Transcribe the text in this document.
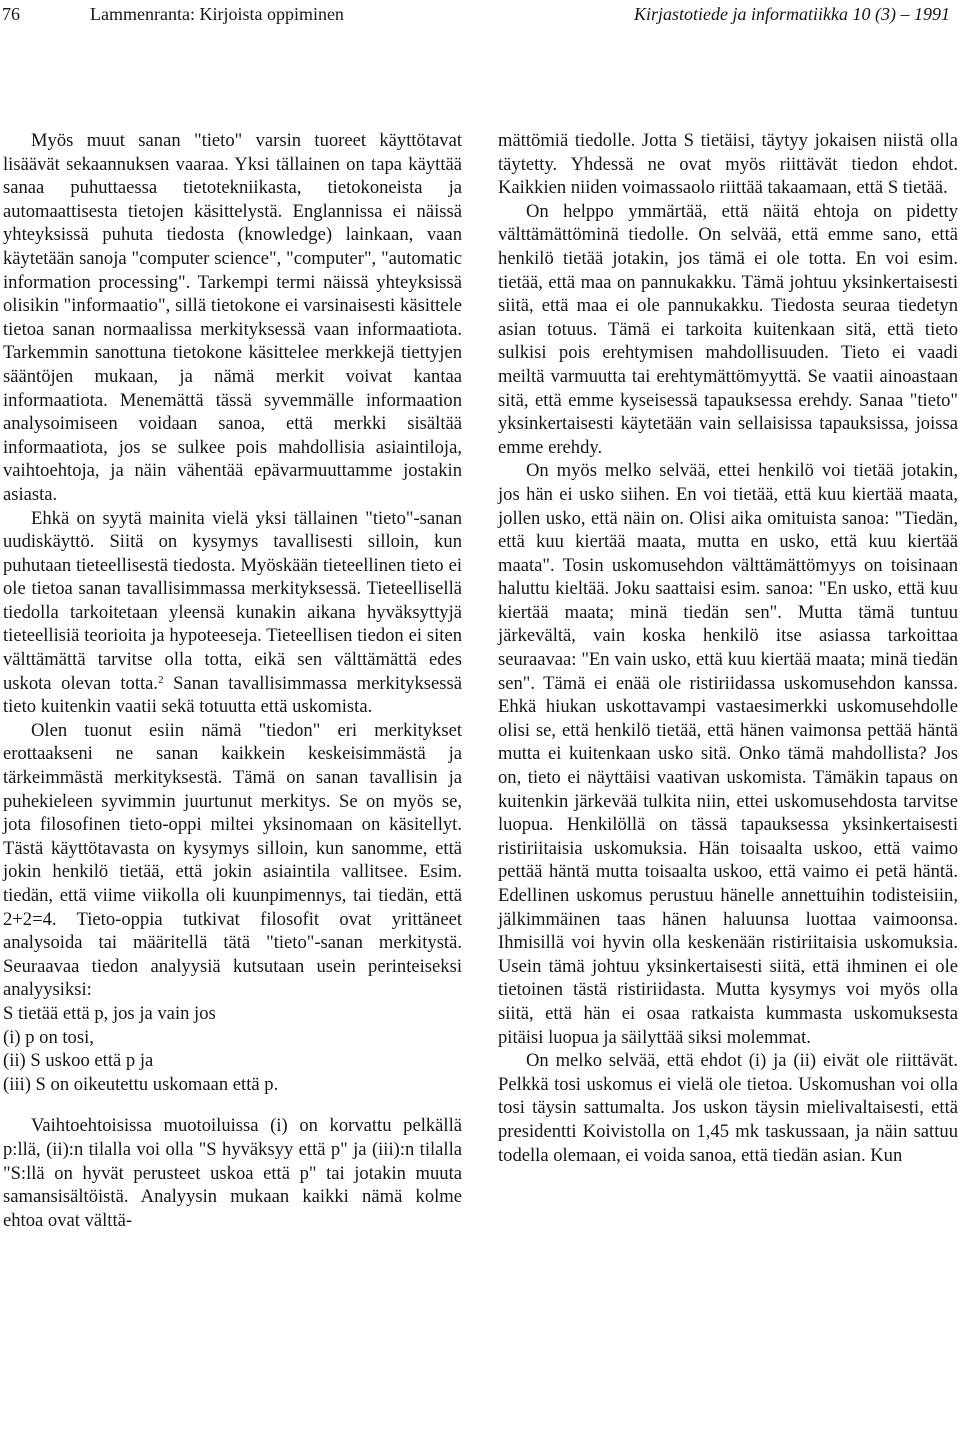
76	Lammenranta: Kirjoista oppiminen	Kirjastotiede ja informatiikka 10 (3) – 1991

Myös muut sanan "tieto" varsin tuoreet käyttötavat lisäävät sekaannuksen vaaraa. Yksi tällainen on tapa käyttää sanaa puhuttaessa tietotekniikasta, tietokoneista ja automaattisesta tietojen käsittelystä. Englannissa ei näissä yhteyksissä puhuta tiedosta (knowledge) lainkaan, vaan käytetään sanoja "computer science", "computer", "automatic information processing". Tarkempi termi näissä yhteyksissä olisikin "informaatio", sillä tietokone ei varsinaisesti käsittele tietoa sanan normaalissa merkityksessä vaan informaatiota. Tarkemmin sanottuna tietokone käsittelee merkkejä tiettyjen sääntöjen mukaan, ja nämä merkit voivat kantaa informaatiota. Menemättä tässä syvemmälle informaation analysoimiseen voidaan sanoa, että merkki sisältää informaatiota, jos se sulkee pois mahdollisia asiaintiloja, vaihtoehtoja, ja näin vähentää epävarmuuttamme jostakin asiasta.

Ehkä on syytä mainita vielä yksi tällainen "tieto"-sanan uudiskäyttö. Siitä on kysymys tavallisesti silloin, kun puhutaan tieteellisestä tiedosta. Myöskään tieteellinen tieto ei ole tietoa sanan tavallisimmassa merkityksessä. Tieteellisellä tiedolla tarkoitetaan yleensä kunakin aikana hyväksyttyjä tieteellisiä teorioita ja hypoteeseja. Tieteellisen tiedon ei siten välttämättä tarvitse olla totta, eikä sen välttämättä edes uskota olevan totta.$^2$ Sanan tavallisimmassa merkityksessä tieto kuitenkin vaatii sekä totuutta että uskomista.

Olen tuonut esiin nämä "tiedon" eri merkitykset erottaakseni ne sanan kaikkein keskeisimmästä ja tärkeimmästä merkityksestä. Tämä on sanan tavallisin ja puhekieleen syvimmin juurtunut merkitys. Se on myös se, jota filosofinen tieto-oppi miltei yksinomaan on käsitellyt. Tästä käyttötavasta on kysymys silloin, kun sanomme, että jokin henkilö tietää, että jokin asiaintila vallitsee. Esim. tiedän, että viime viikolla oli kuunpimennys, tai tiedän, että 2+2=4. Tieto-oppia tutkivat filosofit ovat yrittäneet analysoida tai määritellä tätä "tieto"-sanan merkitystä. Seuraavaa tiedon analyysiä kutsutaan usein perinteiseksi analyysiksi:

S tietää että p, jos ja vain jos
(i) p on tosi,
(ii) S uskoo että p ja
(iii) S on oikeutettu uskomaan että p.

Vaihtoehtoisissa muotoiluissa (i) on korvattu pelkällä p:llä, (ii):n tilalla voi olla "S hyväksyy että p" ja (iii):n tilalla "S:llä on hyvät perusteet uskoa että p" tai jotakin muuta samansisältöistä. Analyysin mukaan kaikki nämä kolme ehtoa ovat välttä-

mättömiä tiedolle. Jotta S tietäisi, täytyy jokaisen niistä olla täytetty. Yhdessä ne ovat myös riittävät tiedon ehdot. Kaikkien niiden voimassaolo riittää takaamaan, että S tietää.

On helppo ymmärtää, että näitä ehtoja on pidetty välttämättöminä tiedolle. On selvää, että emme sano, että henkilö tietää jotakin, jos tämä ei ole totta. En voi esim. tietää, että maa on pannukakku. Tämä johtuu yksinkertaisesti siitä, että maa ei ole pannukakku. Tiedosta seuraa tiedetyn asian totuus. Tämä ei tarkoita kuitenkaan sitä, että tieto sulkisi pois erehtymisen mahdollisuuden. Tieto ei vaadi meiltä varmuutta tai erehtymättömyyttä. Se vaatii ainoastaan sitä, että emme kyseisessä tapauksessa erehdy. Sanaa "tieto" yksinkertaisesti käytetään vain sellaisissa tapauksissa, joissa emme erehdy.

On myös melko selvää, ettei henkilö voi tietää jotakin, jos hän ei usko siihen. En voi tietää, että kuu kiertää maata, jollen usko, että näin on. Olisi aika omituista sanoa: "Tiedän, että kuu kiertää maata, mutta en usko, että kuu kiertää maata". Tosin uskomusehdon välttämättömyys on toisinaan haluttu kieltää. Joku saattaisi esim. sanoa: "En usko, että kuu kiertää maata; minä tiedän sen". Mutta tämä tuntuu järkevältä, vain koska henkilö itse asiassa tarkoittaa seuraavaa: "En vain usko, että kuu kiertää maata; minä tiedän sen". Tämä ei enää ole ristiriidassa uskomusehdon kanssa. Ehkä hiukan uskottavampi vastaesimerkki uskomusehdolle olisi se, että henkilö tietää, että hänen vaimonsa pettää häntä mutta ei kuitenkaan usko sitä. Onko tämä mahdollista? Jos on, tieto ei näyttäisi vaativan uskomista. Tämäkin tapaus on kuitenkin järkevää tulkita niin, ettei uskomusehdosta tarvitse luopua. Henkilöllä on tässä tapauksessa yksinkertaisesti ristiriitaisia uskomuksia. Hän toisaalta uskoo, että vaimo pettää häntä mutta toisaalta uskoo, että vaimo ei petä häntä. Edellinen uskomus perustuu hänelle annettuihin todisteisiin, jälkimmäinen taas hänen haluunsa luottaa vaimoonsa. Ihmisillä voi hyvin olla keskenään ristiriitaisia uskomuksia. Usein tämä johtuu yksinkertaisesti siitä, että ihminen ei ole tietoinen tästä ristiriidasta. Mutta kysymys voi myös olla siitä, että hän ei osaa ratkaista kummasta uskomuksesta pitäisi luopua ja säilyttää siksi molemmat.

On melko selvää, että ehdot (i) ja (ii) eivät ole riittävät. Pelkkä tosi uskomus ei vielä ole tietoa. Uskomushan voi olla tosi täysin sattumalta. Jos uskon täysin mielivaltaisesti, että presidentti Koivistolla on 1,45 mk taskussaan, ja näin sattuu todella olemaan, ei voida sanoa, että tiedän asian. Kun
